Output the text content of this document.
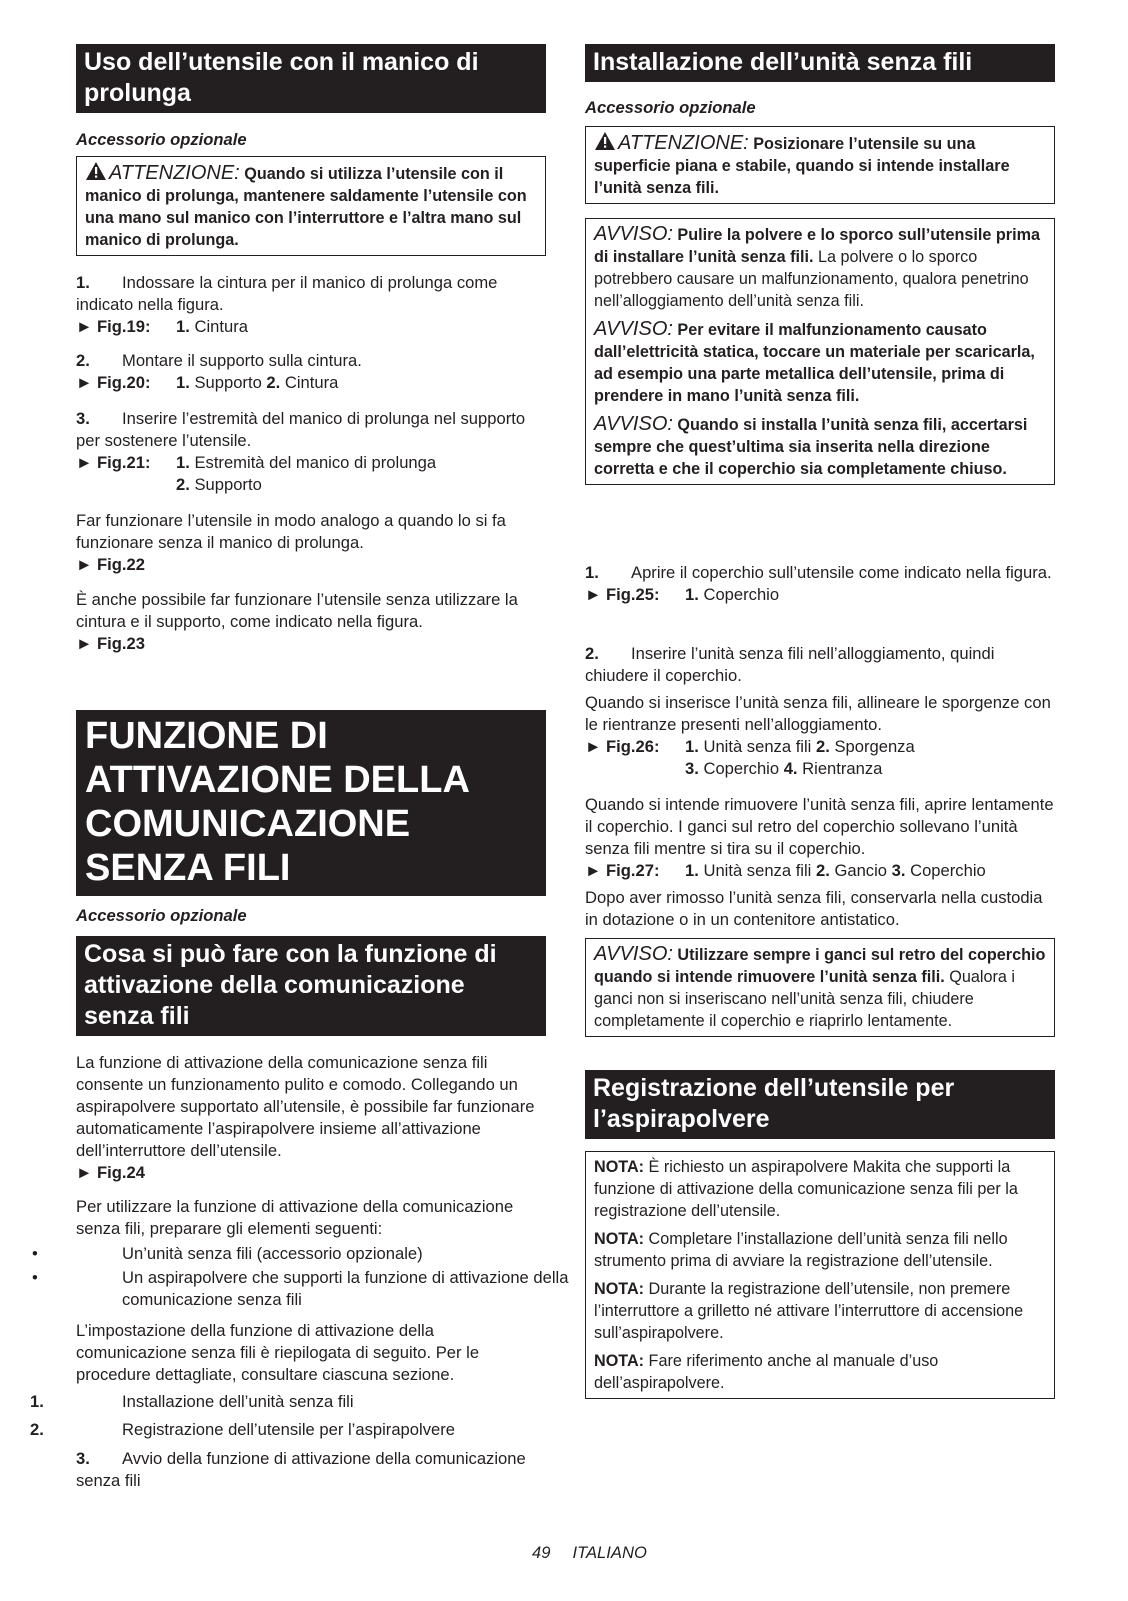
Uso dell’utensile con il manico di prolunga
Accessorio opzionale

ATTENZIONE: Quando si utilizza l’utensile con il manico di prolunga, mantenere saldamente l’utensile con una mano sul manico con l’interruttore e l’altra mano sul manico di prolunga.

1. Indossare la cintura per il manico di prolunga come indicato nella figura.
► Fig.19: 1. Cintura
2. Montare il supporto sulla cintura.
► Fig.20: 1. Supporto 2. Cintura
3. Inserire l’estremità del manico di prolunga nel supporto per sostenere l’utensile.
► Fig.21: 1. Estremità del manico di prolunga
2. Supporto
Far funzionare l’utensile in modo analogo a quando lo si fa funzionare senza il manico di prolunga.
► Fig.22
È anche possibile far funzionare l’utensile senza utilizzare la cintura e il supporto, come indicato nella figura.
► Fig.23
FUNZIONE DI ATTIVAZIONE DELLA COMUNICAZIONE SENZA FILI
Accessorio opzionale
Cosa si può fare con la funzione di attivazione della comunicazione senza fili
La funzione di attivazione della comunicazione senza fili consente un funzionamento pulito e comodo. Collegando un aspirapolvere supportato all’utensile, è possibile far funzionare automaticamente l’aspirapolvere insieme all’attivazione dell’interruttore dell’utensile.
► Fig.24
Per utilizzare la funzione di attivazione della comunicazione senza fili, preparare gli elementi seguenti:
•	Un’unità senza fili (accessorio opzionale)
•	Un aspirapolvere che supporti la funzione di attivazione della comunicazione senza fili
L’impostazione della funzione di attivazione della comunicazione senza fili è riepilogata di seguito. Per le procedure dettagliate, consultare ciascuna sezione.
1.	Installazione dell’unità senza fili
2.	Registrazione dell’utensile per l’aspirapolvere
3. Avvio della funzione di attivazione della comunicazione senza fili
Installazione dell’unità senza fili
Accessorio opzionale

ATTENZIONE: Posizionare l’utensile su una superficie piana e stabile, quando si intende installare l’unità senza fili.

AVVISO: Pulire la polvere e lo sporco sull’utensile prima di installare l’unità senza fili. La polvere o lo sporco potrebbero causare un malfunzionamento, qualora penetrino nell’alloggiamento dell’unità senza fili.

AVVISO: Per evitare il malfunzionamento causato dall’elettricità statica, toccare un materiale per scaricarla, ad esempio una parte metallica dell’utensile, prima di prendere in mano l’unità senza fili.

AVVISO: Quando si installa l’unità senza fili, accertarsi sempre che quest’ultima sia inserita nella direzione corretta e che il coperchio sia completamente chiuso.

1. Aprire il coperchio sull’utensile come indicato nella figura.
► Fig.25: 1. Coperchio
2. Inserire l’unità senza fili nell’alloggiamento, quindi chiudere il coperchio.
Quando si inserisce l’unità senza fili, allineare le sporgenze con le rientranze presenti nell’alloggiamento.
► Fig.26: 1. Unità senza fili 2. Sporgenza
3. Coperchio 4. Rientranza
Quando si intende rimuovere l’unità senza fili, aprire lentamente il coperchio. I ganci sul retro del coperchio sollevano l’unità senza fili mentre si tira su il coperchio.
► Fig.27: 1. Unità senza fili 2. Gancio 3. Coperchio
Dopo aver rimosso l’unità senza fili, conservarla nella custodia in dotazione o in un contenitore antistatico.

AVVISO: Utilizzare sempre i ganci sul retro del coperchio quando si intende rimuovere l’unità senza fili. Qualora i ganci non si inseriscano nell’unità senza fili, chiudere completamente il coperchio e riaprirlo lentamente.

Registrazione dell’utensile per l’aspirapolvere

NOTA: È richiesto un aspirapolvere Makita che supporti la funzione di attivazione della comunicazione senza fili per la registrazione dell’utensile.

NOTA: Completare l’installazione dell’unità senza fili nello strumento prima di avviare la registrazione dell’utensile.

NOTA: Durante la registrazione dell’utensile, non premere l’interruttore a grilletto né attivare l’interruttore di accensione sull’aspirapolvere.

NOTA: Fare riferimento anche al manuale d’uso dell’aspirapolvere.

49 ITALIANO
